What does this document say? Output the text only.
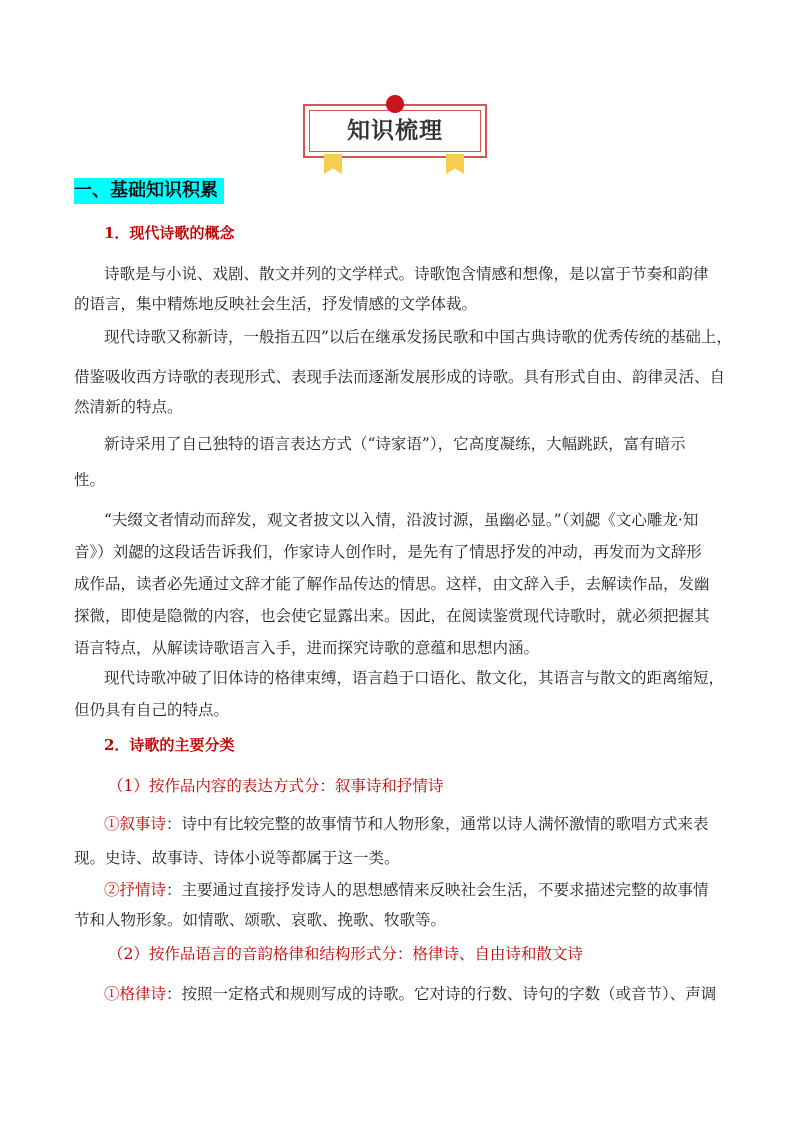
知识梳理
一、基础知识积累
1．现代诗歌的概念
诗歌是与小说、戏剧、散文并列的文学样式。诗歌饱含情感和想像，是以富于节奏和韵律
的语言，集中精炼地反映社会生活，抒发情感的文学体裁。
现代诗歌又称新诗，一般指五四”以后在继承发扬民歌和中国古典诗歌的优秀传统的基础上，
借鉴吸收西方诗歌的表现形式、表现手法而逐渐发展形成的诗歌。具有形式自由、韵律灵活、自
然清新的特点。
新诗采用了自己独特的语言表达方式（“诗家语”），它高度凝练，大幅跳跃，富有暗示
性。
“夫缀文者情动而辞发，观文者披文以入情，沿波讨源，虽幽必显。”（刘勰《文心雕龙·知
音》）刘勰的这段话告诉我们，作家诗人创作时，是先有了情思抒发的冲动，再发而为文辞形
成作品，读者必先通过文辞才能了解作品传达的情思。这样，由文辞入手，去解读作品，发幽
探微，即使是隐微的内容，也会使它显露出来。因此，在阅读鉴赏现代诗歌时，就必须把握其
语言特点，从解读诗歌语言入手，进而探究诗歌的意蕴和思想内涵。
现代诗歌冲破了旧体诗的格律束缚，语言趋于口语化、散文化，其语言与散文的距离缩短，
但仍具有自己的特点。
2．诗歌的主要分类
（1）按作品内容的表达方式分：叙事诗和抒情诗
①叙事诗：诗中有比较完整的故事情节和人物形象，通常以诗人满怀激情的歌唱方式来表
现。史诗、故事诗、诗体小说等都属于这一类。
②抒情诗：主要通过直接抒发诗人的思想感情来反映社会生活，不要求描述完整的故事情
节和人物形象。如情歌、颂歌、哀歌、挽歌、牧歌等。
（2）按作品语言的音韵格律和结构形式分：格律诗、自由诗和散文诗
①格律诗：按照一定格式和规则写成的诗歌。它对诗的行数、诗句的字数（或音节）、声调
